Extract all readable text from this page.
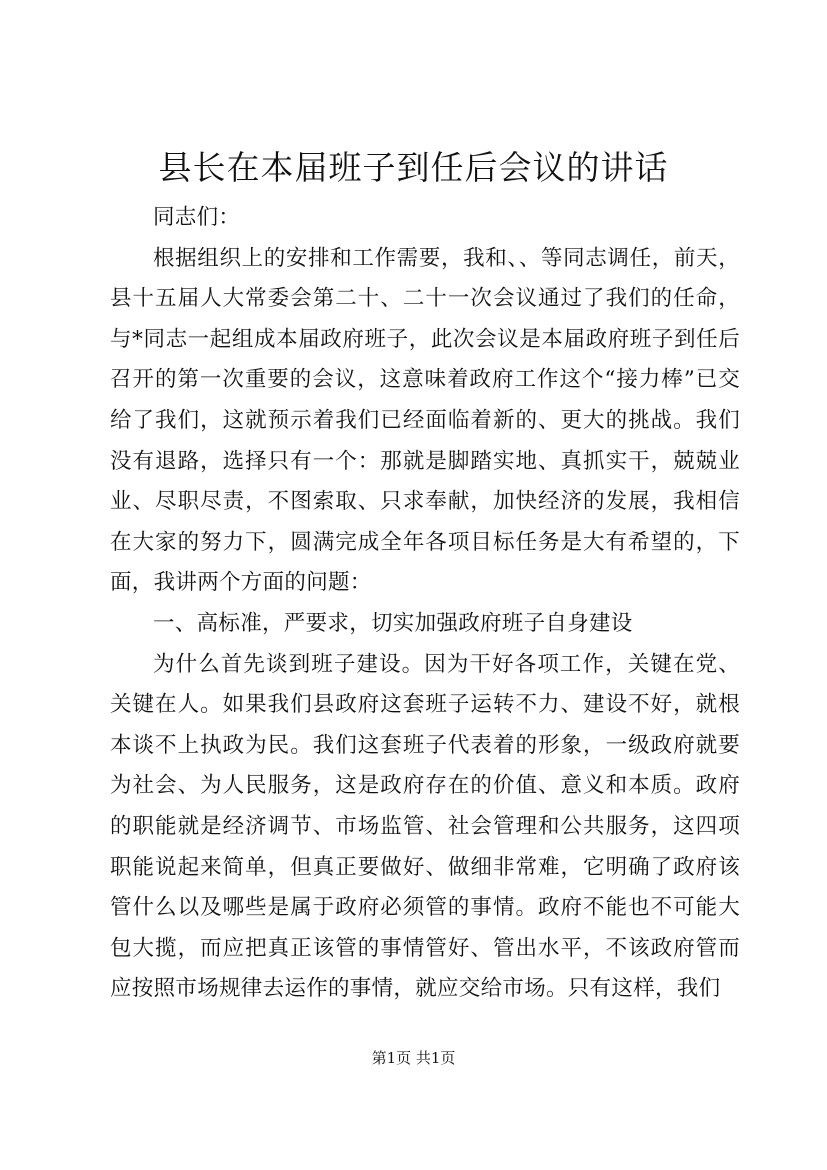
县长在本届班子到任后会议的讲话

同志们：

根据组织上的安排和工作需要，我和、、等同志调任，前天，县十五届人大常委会第二十、二十一次会议通过了我们的任命，与*同志一起组成本届政府班子，此次会议是本届政府班子到任后召开的第一次重要的会议，这意味着政府工作这个“接力棒”已交给了我们，这就预示着我们已经面临着新的、更大的挑战。我们没有退路，选择只有一个：那就是脚踏实地、真抓实干，兢兢业业、尽职尽责，不图索取、只求奉献，加快经济的发展，我相信在大家的努力下，圆满完成全年各项目标任务是大有希望的，下面，我讲两个方面的问题：

一、高标准，严要求，切实加强政府班子自身建设

为什么首先谈到班子建设。因为干好各项工作，关键在党、关键在人。如果我们县政府这套班子运转不力、建设不好，就根本谈不上执政为民。我们这套班子代表着的形象，一级政府就要为社会、为人民服务，这是政府存在的价值、意义和本质。政府的职能就是经济调节、市场监管、社会管理和公共服务，这四项职能说起来简单，但真正要做好、做细非常难，它明确了政府该管什么以及哪些是属于政府必须管的事情。政府不能也不可能大包大揽，而应把真正该管的事情管好、管出水平，不该政府管而应按照市场规律去运作的事情，就应交给市场。只有这样，我们

第1页 共1页
